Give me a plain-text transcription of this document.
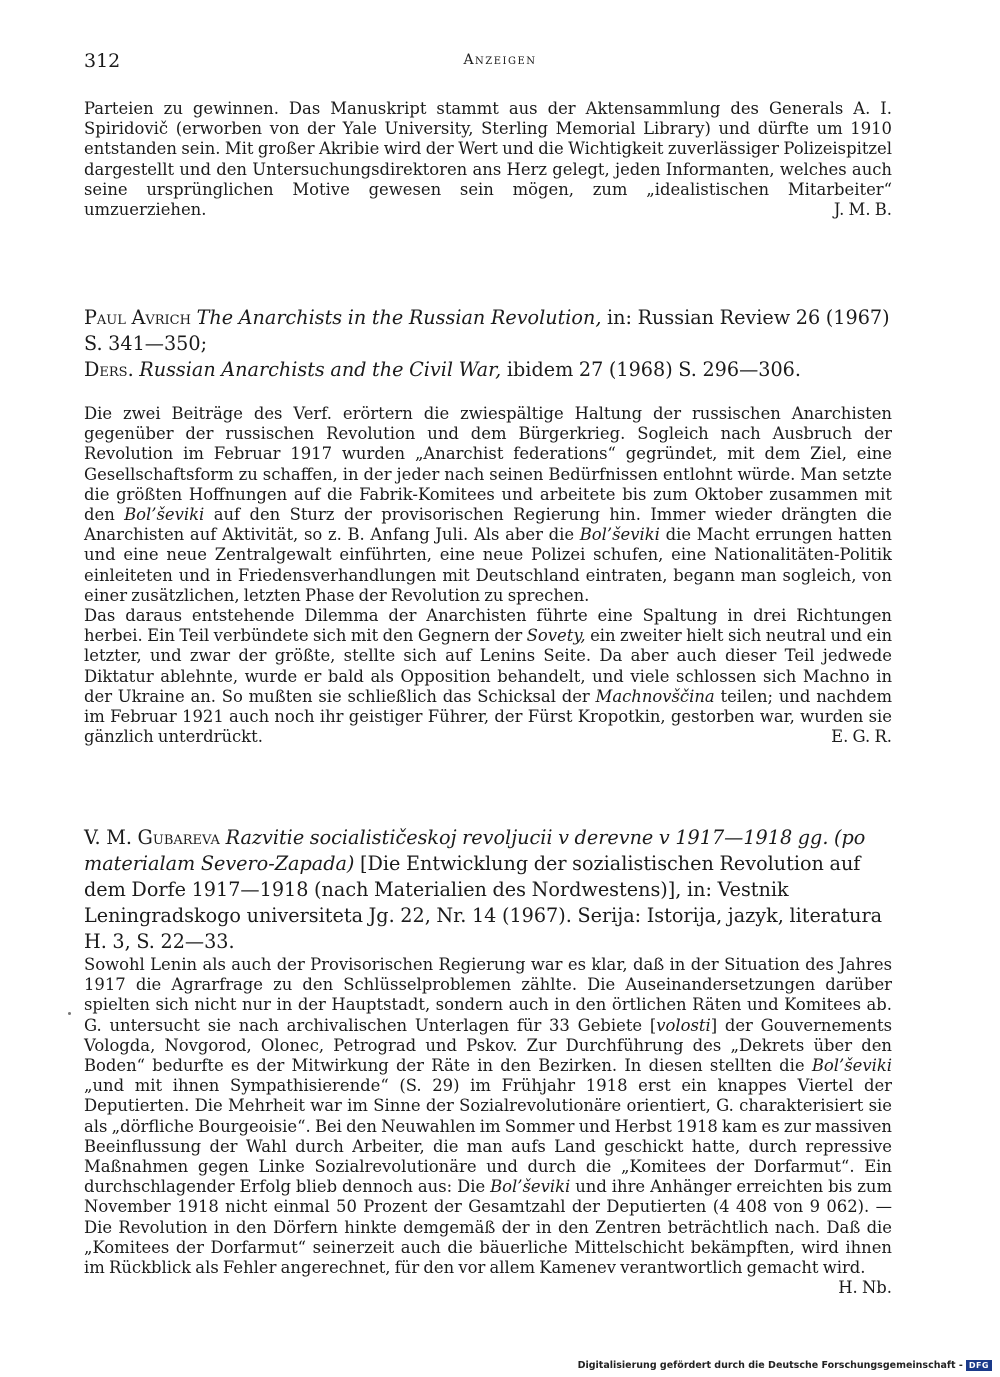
312	Anzeigen

Parteien zu gewinnen. Das Manuskript stammt aus der Aktensammlung des Generals A. I. Spiridovič (erworben von der Yale University, Sterling Memorial Library) und dürfte um 1910 entstanden sein. Mit großer Akribie wird der Wert und die Wichtigkeit zuverlässiger Polizeispitzel dargestellt und den Untersuchungsdirektoren ans Herz gelegt, jeden Informanten, welches auch seine ursprünglichen Motive gewesen sein mögen, zum „idealistischen Mitarbeiter“ umzuerziehen.	J. M. B.

Paul Avrich The Anarchists in the Russian Revolution, in: Russian Review 26 (1967) S. 341—350;

Ders. Russian Anarchists and the Civil War, ibidem 27 (1968) S. 296—306.

Die zwei Beiträge des Verf. erörtern die zwiespältige Haltung der russischen Anarchisten gegenüber der russischen Revolution und dem Bürgerkrieg. Sogleich nach Ausbruch der Revolution im Februar 1917 wurden „Anarchist federations“ gegründet, mit dem Ziel, eine Gesellschaftsform zu schaffen, in der jeder nach seinen Bedürfnissen entlohnt würde. Man setzte die größten Hoffnungen auf die Fabrik-Komitees und arbeitete bis zum Oktober zusammen mit den Bol’ševiki auf den Sturz der provisorischen Regierung hin. Immer wieder drängten die Anarchisten auf Aktivität, so z. B. Anfang Juli. Als aber die Bol’ševiki die Macht errungen hatten und eine neue Zentralgewalt einführten, eine neue Polizei schufen, eine Nationalitäten-Politik einleiteten und in Friedensverhandlungen mit Deutschland eintraten, begann man sogleich, von einer zusätzlichen, letzten Phase der Revolution zu sprechen.

Das daraus entstehende Dilemma der Anarchisten führte eine Spaltung in drei Richtungen herbei. Ein Teil verbündete sich mit den Gegnern der Sovety, ein zweiter hielt sich neutral und ein letzter, und zwar der größte, stellte sich auf Lenins Seite. Da aber auch dieser Teil jedwede Diktatur ablehnte, wurde er bald als Opposition behandelt, und viele schlossen sich Machno in der Ukraine an. So mußten sie schließlich das Schicksal der Machnovščina teilen; und nachdem im Februar 1921 auch noch ihr geistiger Führer, der Fürst Kropotkin, gestorben war, wurden sie gänzlich unterdrückt.	E. G. R.

V. M. Gubareva Razvitie socialističeskoj revoljucii v derevne v 1917—1918 gg. (po materialam Severo-Zapada) [Die Entwicklung der sozialistischen Revolution auf dem Dorfe 1917—1918 (nach Materialien des Nordwestens)], in: Vestnik Leningradskogo universiteta Jg. 22, Nr. 14 (1967). Serija: Istorija, jazyk, literatura H. 3, S. 22—33.

Sowohl Lenin als auch der Provisorischen Regierung war es klar, daß in der Situation des Jahres 1917 die Agrarfrage zu den Schlüsselproblemen zählte. Die Auseinandersetzungen darüber spielten sich nicht nur in der Hauptstadt, sondern auch in den örtlichen Räten und Komitees ab. G. untersucht sie nach archivalischen Unterlagen für 33 Gebiete [volosti] der Gouvernements Vologda, Novgorod, Olonec, Petrograd und Pskov. Zur Durchführung des „Dekrets über den Boden“ bedurfte es der Mitwirkung der Räte in den Bezirken. In diesen stellten die Bol’ševiki „und mit ihnen Sympathisierende“ (S. 29) im Frühjahr 1918 erst ein knappes Viertel der Deputierten. Die Mehrheit war im Sinne der Sozialrevolutionäre orientiert, G. charakterisiert sie als „dörfliche Bourgeoisie“. Bei den Neuwahlen im Sommer und Herbst 1918 kam es zur massiven Beeinflussung der Wahl durch Arbeiter, die man aufs Land geschickt hatte, durch repressive Maßnahmen gegen Linke Sozialrevolutionäre und durch die „Komitees der Dorfarmut“. Ein durchschlagender Erfolg blieb dennoch aus: Die Bol’ševiki und ihre Anhänger erreichten bis zum November 1918 nicht einmal 50 Prozent der Gesamtzahl der Deputierten (4 408 von 9 062). — Die Revolution in den Dörfern hinkte demgemäß der in den Zentren beträchtlich nach. Daß die „Komitees der Dorfarmut“ seinerzeit auch die bäuerliche Mittelschicht bekämpften, wird ihnen im Rückblick als Fehler angerechnet, für den vor allem Kamenev verantwortlich gemacht wird.
H. Nb.

Digitalisierung gefördert durch die Deutsche Forschungsgemeinschaft - DFG
